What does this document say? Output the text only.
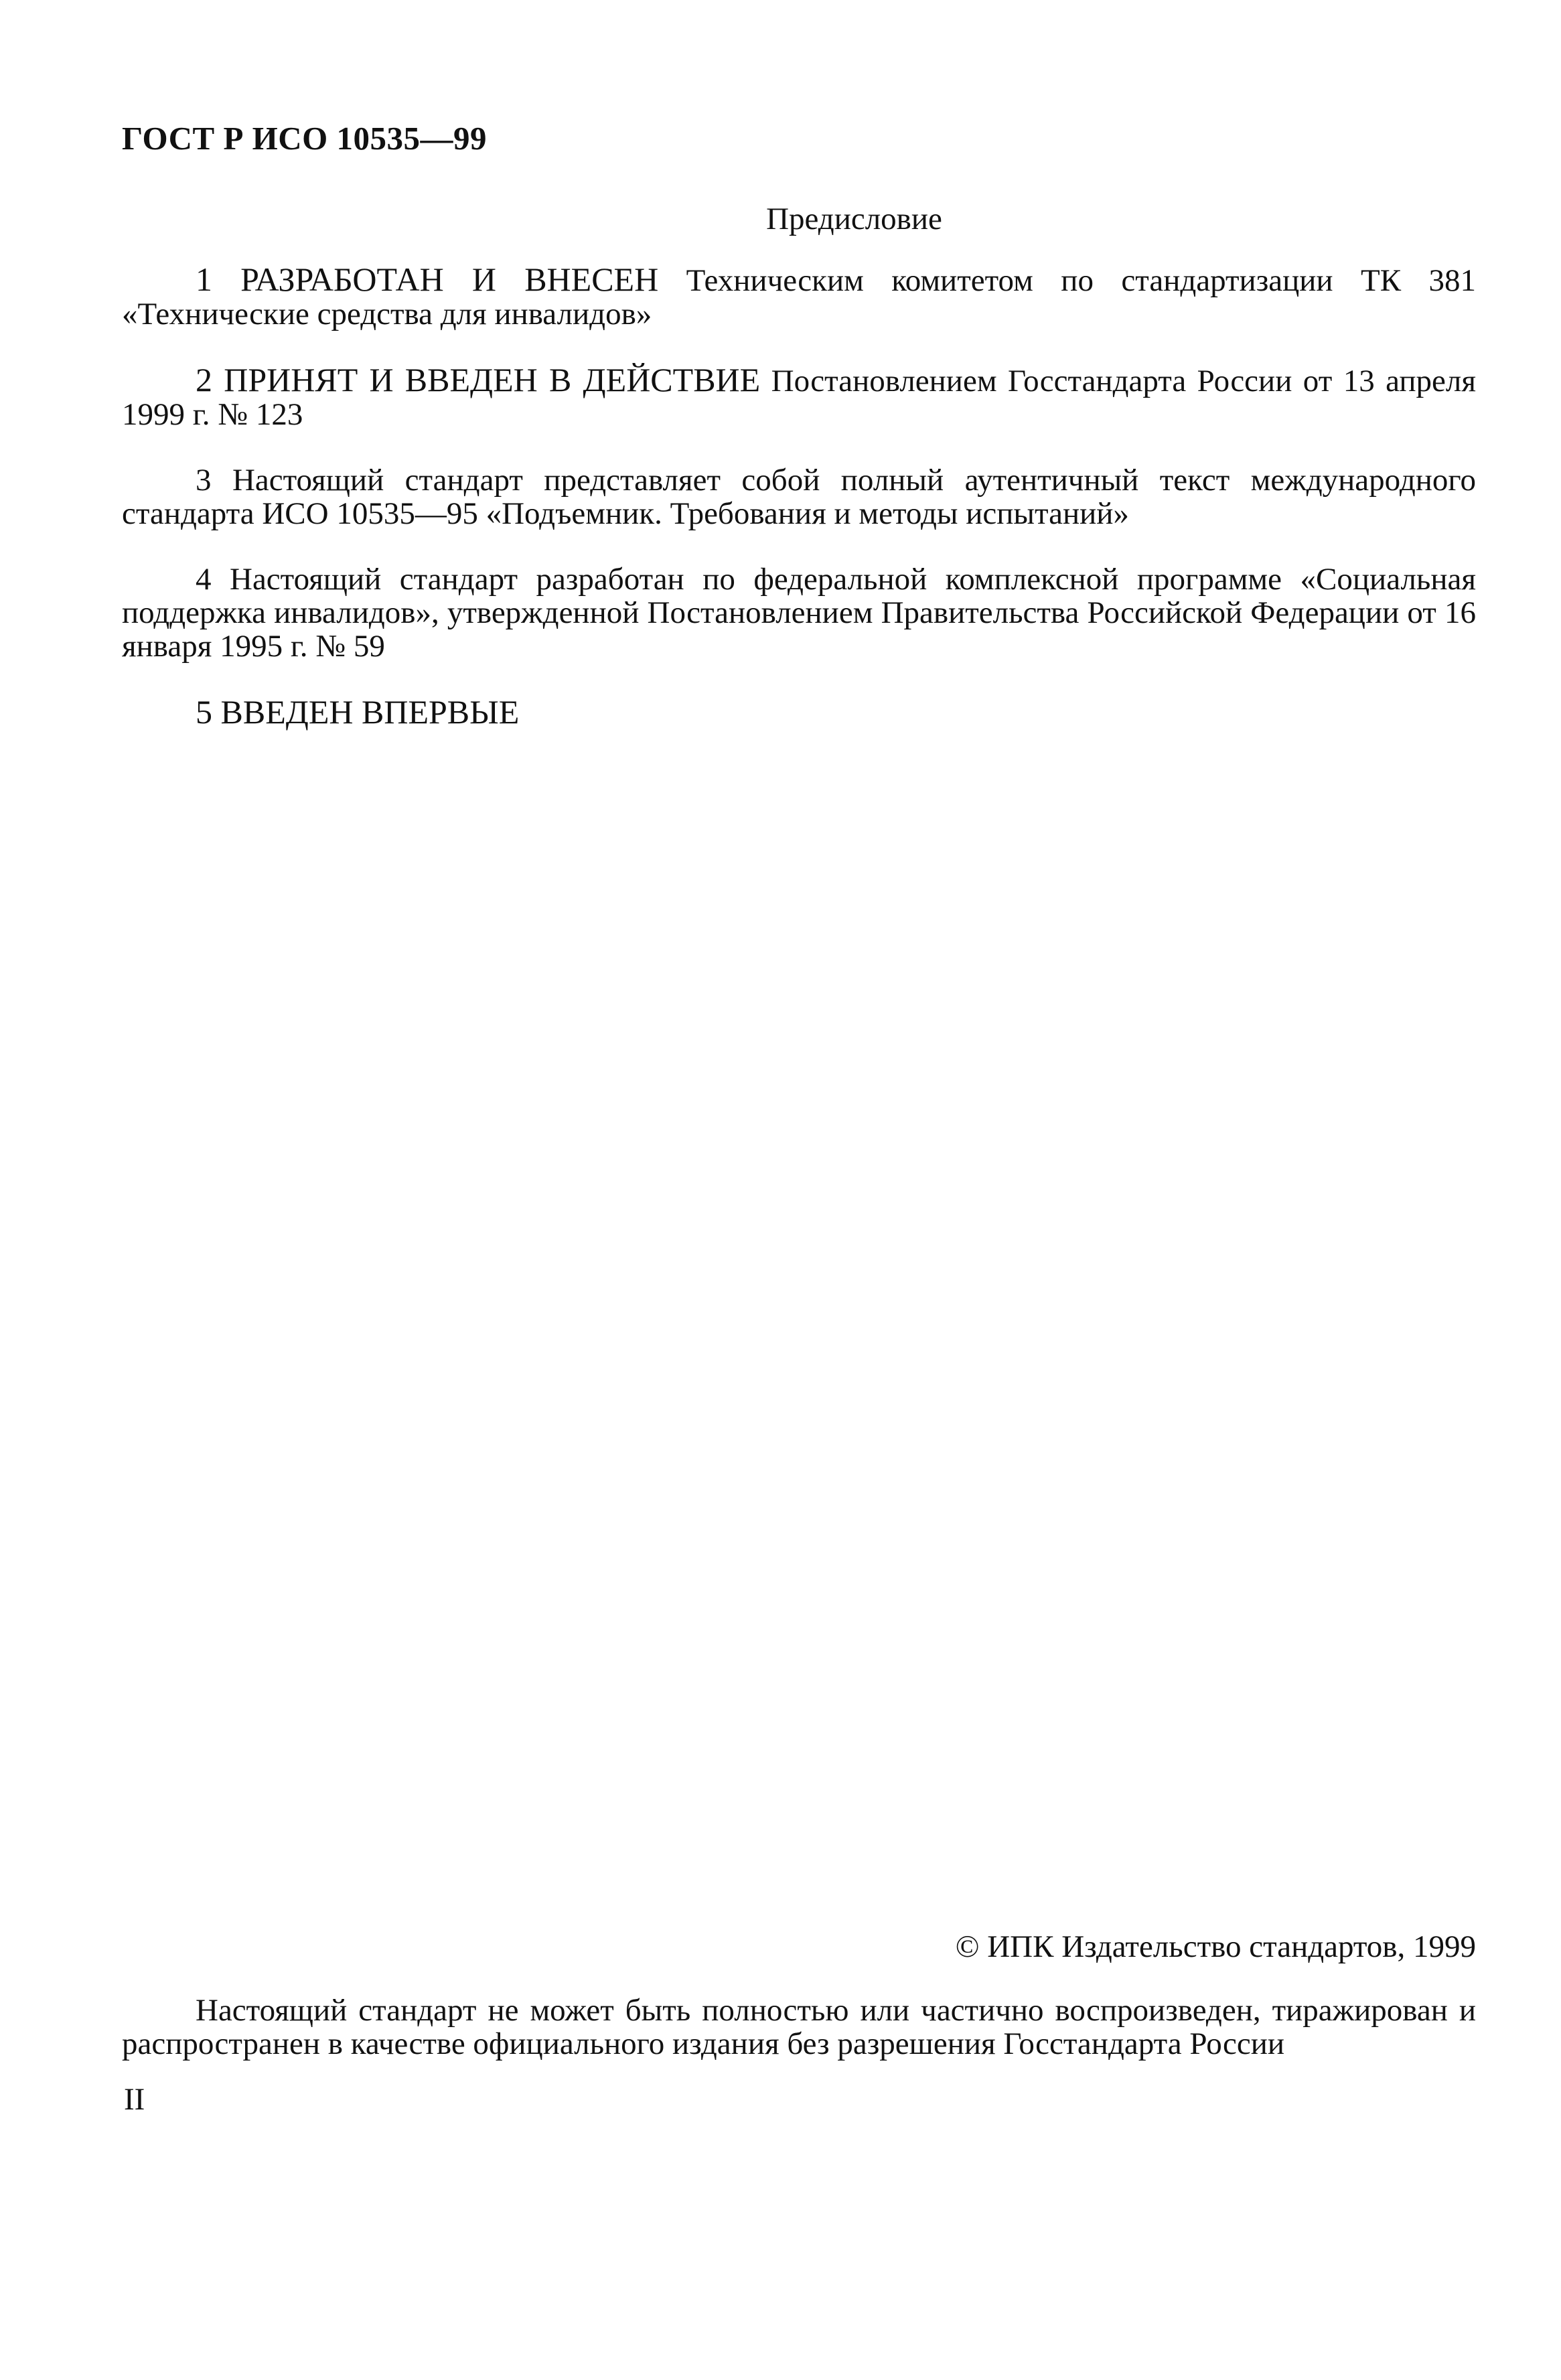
ГОСТ Р ИСО 10535—99
Предисловие

1 РАЗРАБОТАН И ВНЕСЕН Техническим комитетом по стандартизации ТК 381 «Технические средства для инвалидов»

2 ПРИНЯТ И ВВЕДЕН В ДЕЙСТВИЕ Постановлением Госстандарта России от 13 апреля 1999 г. № 123

3 Настоящий стандарт представляет собой полный аутентичный текст международного стандарта ИСО 10535—95 «Подъемник. Требования и методы испытаний»

4 Настоящий стандарт разработан по федеральной комплексной программе «Социальная поддержка инвалидов», утвержденной Постановлением Правительства Российской Федерации от 16 января 1995 г. № 59

5 ВВЕДЕН ВПЕРВЫЕ

© ИПК Издательство стандартов, 1999
Настоящий стандарт не может быть полностью или частично воспроизведен, тиражирован и распространен в качестве официального издания без разрешения Госстандарта России
II
